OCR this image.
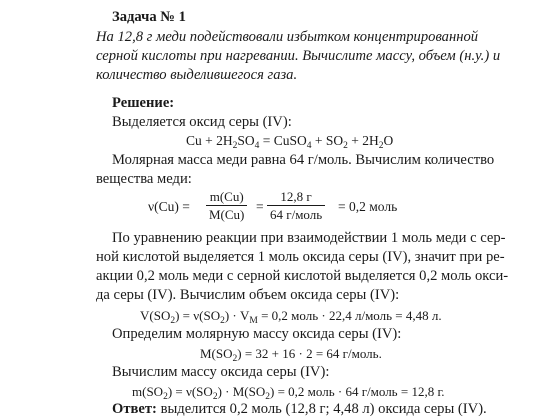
Задача № 1
На 12,8 г меди подействовали избытком концентрированной
серной кислоты при нагревании. Вычислите массу, объем (н.у.) и
количество выделившегося газа.
Решение:
Выделяется оксид серы (IV):
$Cu + 2H_2SO_4$ = CuSO$_4$ + $SO_2 + 2H_2O$
Молярная масса меди равна 64 г/моль. Вычислим количество
вещества меди:
ν(Cu) =
m(Cu)
M(Cu)
=
12,8 г
64 г/моль
= 0,2 моль
По уравнению реакции при взаимодействии 1 моль меди с сер-
ной кислотой выделяется 1 моль оксида серы (IV), значит при ре-
акции 0,2 моль меди с серной кислотой выделяется 0,2 моль окси-
да серы (IV). Вычислим объем оксида серы (IV):
$V(SO_2) = \nu(SO_2) \cdot V_M = 0,2$ моль · 22,4 л/моль = 4,48 л.
Определим молярную массу оксида серы (IV):
$M(SO_2) = 32 + 16 \cdot 2 = 64$ г/моль.
Вычислим массу оксида серы (IV):
$m(SO_2) = \nu(SO_2) \cdot M(SO_2) = 0,2$ моль · 64 г/моль = 12,8 г.
Ответ: выделится 0,2 моль (12,8 г; 4,48 л) оксида серы (IV).
